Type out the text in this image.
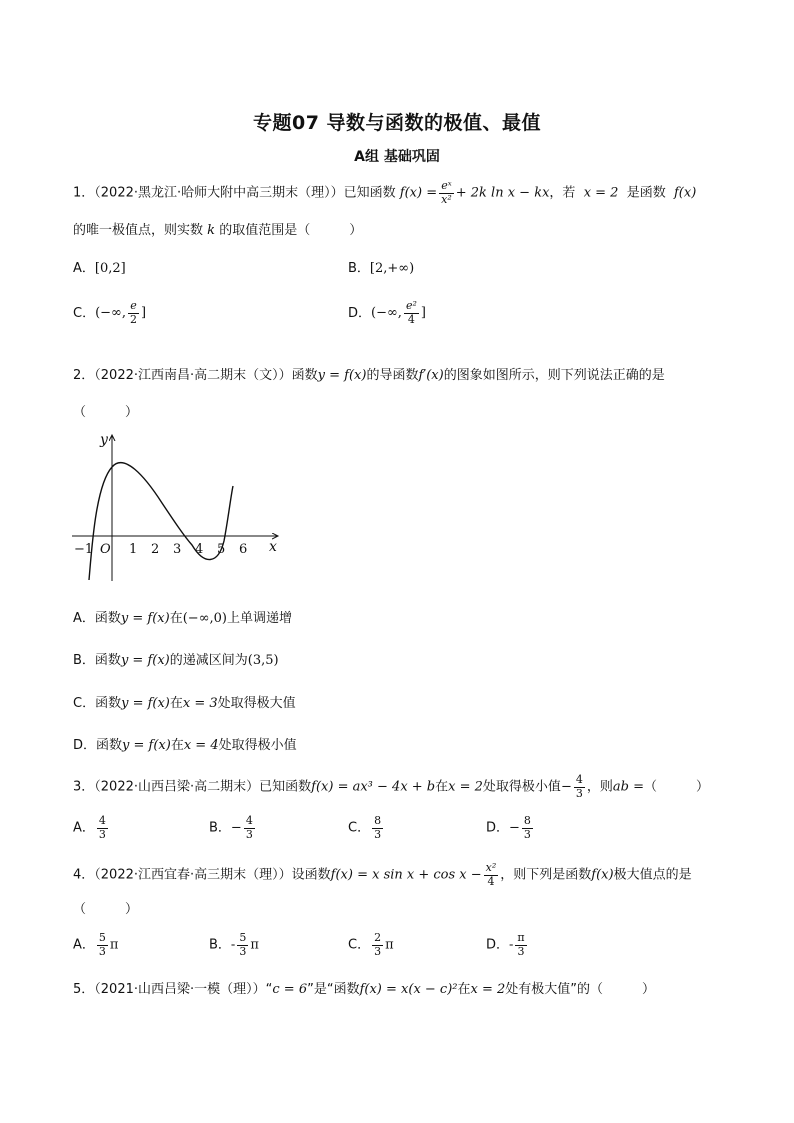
专题07 导数与函数的极值、最值
A组 基础巩固
1．（2022·黑龙江·哈师大附中高三期末（理））已知函数 $f(x) = \frac{\text{eˣ}}{\text{x²}} + 2k$ ln x − kx，若 x = 2 是函数 f(x)
的唯一极值点，则实数 k 的取值范围是（　　　）
A．[0,2]	B．[2,+∞)
C．(−∞, $\frac{e}{2}$ ]	D．(−∞, $\frac{\text{e²}}{4}$ ]
2．（2022·江西南昌·高二期末（文））函数y = f(x)的导函数f′(x)的图象如图所示，则下列说法正确的是
（　　　）
y
x
O
−1	1 2 3 4 5 6
A．函数y = f(x)在(−∞,0)上单调递增
B．函数y = f(x)的递减区间为(3,5)
C．函数y = f(x)在x = 3处取得极大值
D．函数y = f(x)在x = 4处取得极小值
3．（2022·山西吕梁·高二期末）已知函数f(x) = ax³ − 4x + b在x = 2处取得极小值− $\frac{4}{3}$ ，则ab =（　　　）
A． $\frac{4}{3}$	B．− $\frac{4}{3}$	C． $\frac{8}{3}$	D．− $\frac{8}{3}$
4．（2022·江西宜春·高三期末（理））设函数f(x) = x $\sin x + \cos x - \frac{\text{x²}}{4}$ ，则下列是函数f(x)极大值点的是
（　　　）
A． $\frac{5}{3}$ π	B．- $\frac{5}{3}$ π	C． $\frac{2}{3}$ π	D．- $\frac{\pi}{3}$
5．（2021·山西吕梁·一模（理））“c = 6”是“函数f(x) = x(x − c)²在x = 2处有极大值”的（　　　）
